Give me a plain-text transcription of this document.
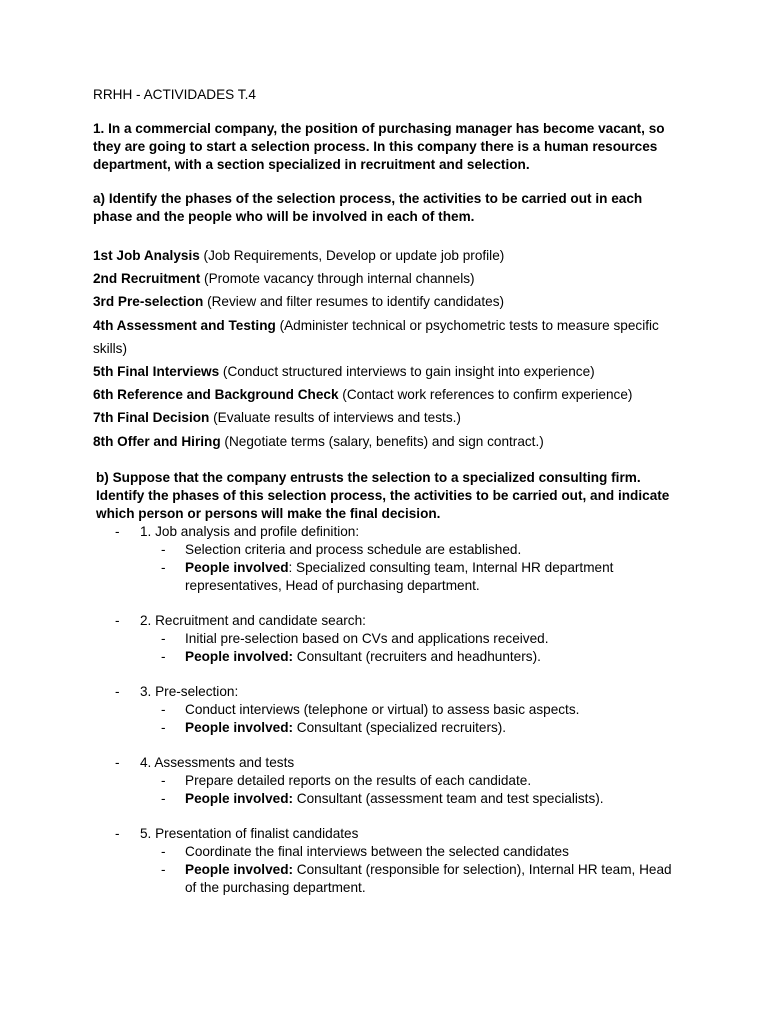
RRHH - ACTIVIDADES T.4

1. In a commercial company, the position of purchasing manager has become vacant, so they are going to start a selection process. In this company there is a human resources department, with a section specialized in recruitment and selection.

a) Identify the phases of the selection process, the activities to be carried out in each phase and the people who will be involved in each of them.

1st Job Analysis (Job Requirements, Develop or update job profile)

2nd Recruitment (Promote vacancy through internal channels)

3rd Pre-selection (Review and filter resumes to identify candidates)

4th Assessment and Testing (Administer technical or psychometric tests to measure specific skills)

5th Final Interviews (Conduct structured interviews to gain insight into experience)

6th Reference and Background Check (Contact work references to confirm experience)

7th Final Decision (Evaluate results of interviews and tests.)

8th Offer and Hiring (Negotiate terms (salary, benefits) and sign contract.)

b) Suppose that the company entrusts the selection to a specialized consulting firm. Identify the phases of this selection process, the activities to be carried out, and indicate which person or persons will make the final decision.

- 1. Job analysis and profile definition:

- Selection criteria and process schedule are established.

- People involved: Specialized consulting team, Internal HR department representatives, Head of purchasing department.

- 2. Recruitment and candidate search:

- Initial pre-selection based on CVs and applications received.

- People involved: Consultant (recruiters and headhunters).

- 3. Pre-selection:

- Conduct interviews (telephone or virtual) to assess basic aspects.

- People involved: Consultant (specialized recruiters).

- 4. Assessments and tests

- Prepare detailed reports on the results of each candidate.

- People involved: Consultant (assessment team and test specialists).

- 5. Presentation of finalist candidates

- Coordinate the final interviews between the selected candidates

- People involved: Consultant (responsible for selection), Internal HR team, Head of the purchasing department.
